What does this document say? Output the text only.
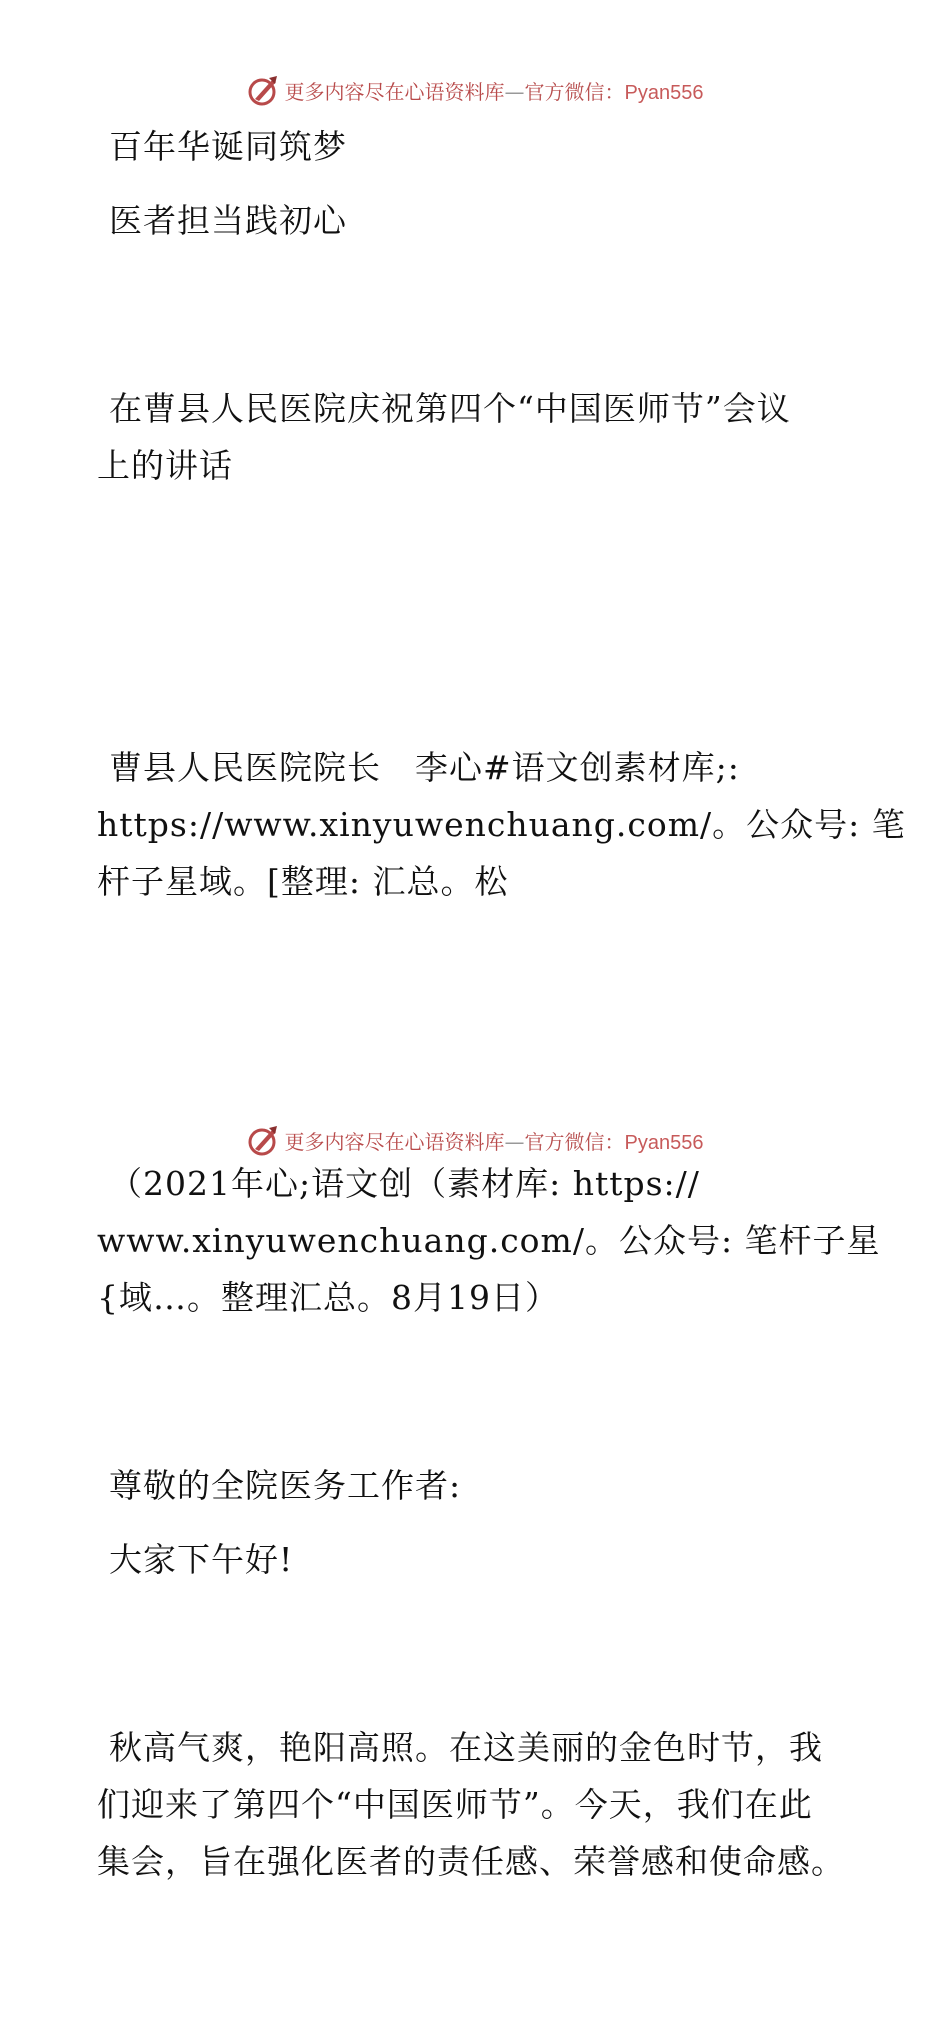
更多内容尽在心语资料库—官方微信：Pyan556

百年华诞同筑梦

医者担当践初心

在曹县人民医院庆祝第四个“中国医师节”会议
上的讲话

曹县人民医院院长　李心#语文创素材库;:
https://www.xinyuwenchuang.com/。公众号: 笔
杆子星域。[整理: 汇总。松

（2021年心;语文创（素材库: https://
www.xinyuwenchuang.com/。公众号: 笔杆子星
{域…。整理汇总。8月19日）

尊敬的全院医务工作者:

大家下午好!

秋高气爽，艳阳高照。在这美丽的金色时节，我
们迎来了第四个“中国医师节”。今天，我们在此
集会，旨在强化医者的责任感、荣誉感和使命感。

更多内容尽在心语资料库—官方微信：Pyan556
